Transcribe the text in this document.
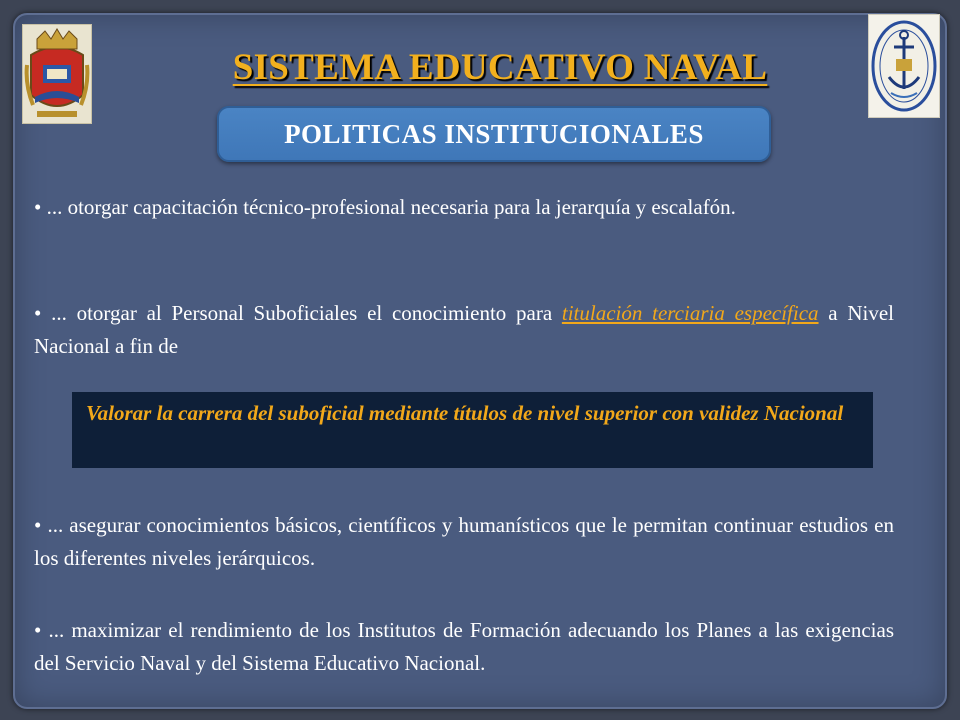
SISTEMA EDUCATIVO NAVAL
POLITICAS INSTITUCIONALES
• ... otorgar capacitación técnico-profesional necesaria para la jerarquía y escalafón.
• ... otorgar al Personal Suboficiales el conocimiento para titulación terciaria específica a Nivel Nacional a fin de
Valorar la carrera del suboficial mediante títulos de nivel superior con validez Nacional
• ... asegurar conocimientos básicos, científicos y humanísticos que le permitan continuar estudios en los diferentes niveles jerárquicos.
• ... maximizar el rendimiento de los Institutos de Formación adecuando los Planes a las exigencias del Servicio Naval y del Sistema Educativo Nacional.
